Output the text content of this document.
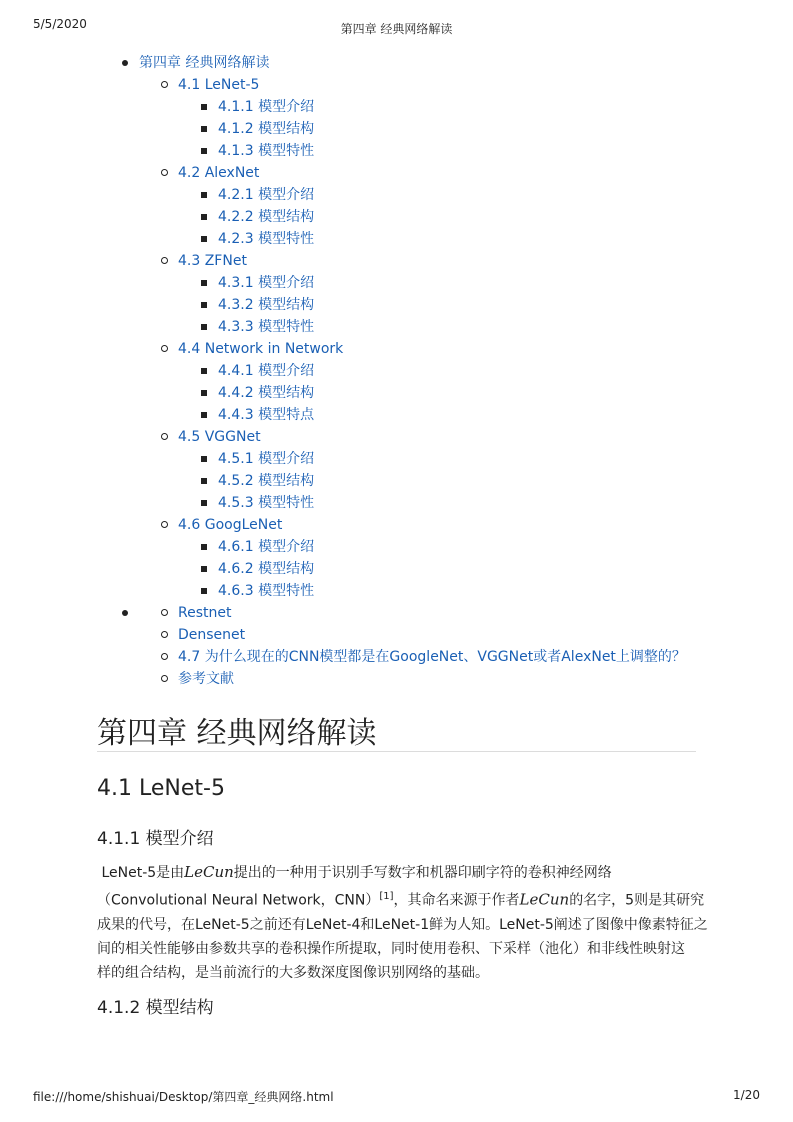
5/5/2020	第四章 经典网络解读
第四章 经典网络解读
4.1 LeNet-5
4.1.1 模型介绍
4.1.2 模型结构
4.1.3 模型特性
4.2 AlexNet
4.2.1 模型介绍
4.2.2 模型结构
4.2.3 模型特性
4.3 ZFNet
4.3.1 模型介绍
4.3.2 模型结构
4.3.3 模型特性
4.4 Network in Network
4.4.1 模型介绍
4.4.2 模型结构
4.4.3 模型特点
4.5 VGGNet
4.5.1 模型介绍
4.5.2 模型结构
4.5.3 模型特性
4.6 GoogLeNet
4.6.1 模型介绍
4.6.2 模型结构
4.6.3 模型特性
Restnet
Densenet
4.7 为什么现在的CNN模型都是在GoogleNet、VGGNet或者AlexNet上调整的？
参考文献
第四章 经典网络解读
4.1 LeNet-5
4.1.1 模型介绍
LeNet-5是由LeCun提出的一种用于识别手写数字和机器印刷字符的卷积神经网络
（Convolutional Neural Network，CNN）[1]，其命名来源于作者LeCun的名字，5则是其研究
成果的代号，在LeNet-5之前还有LeNet-4和LeNet-1鲜为人知。LeNet-5阐述了图像中像素特征之
间的相关性能够由参数共享的卷积操作所提取，同时使用卷积、下采样（池化）和非线性映射这
样的组合结构，是当前流行的大多数深度图像识别网络的基础。
4.1.2 模型结构
file:///home/shishuai/Desktop/第四章_经典网络.html	1/20
